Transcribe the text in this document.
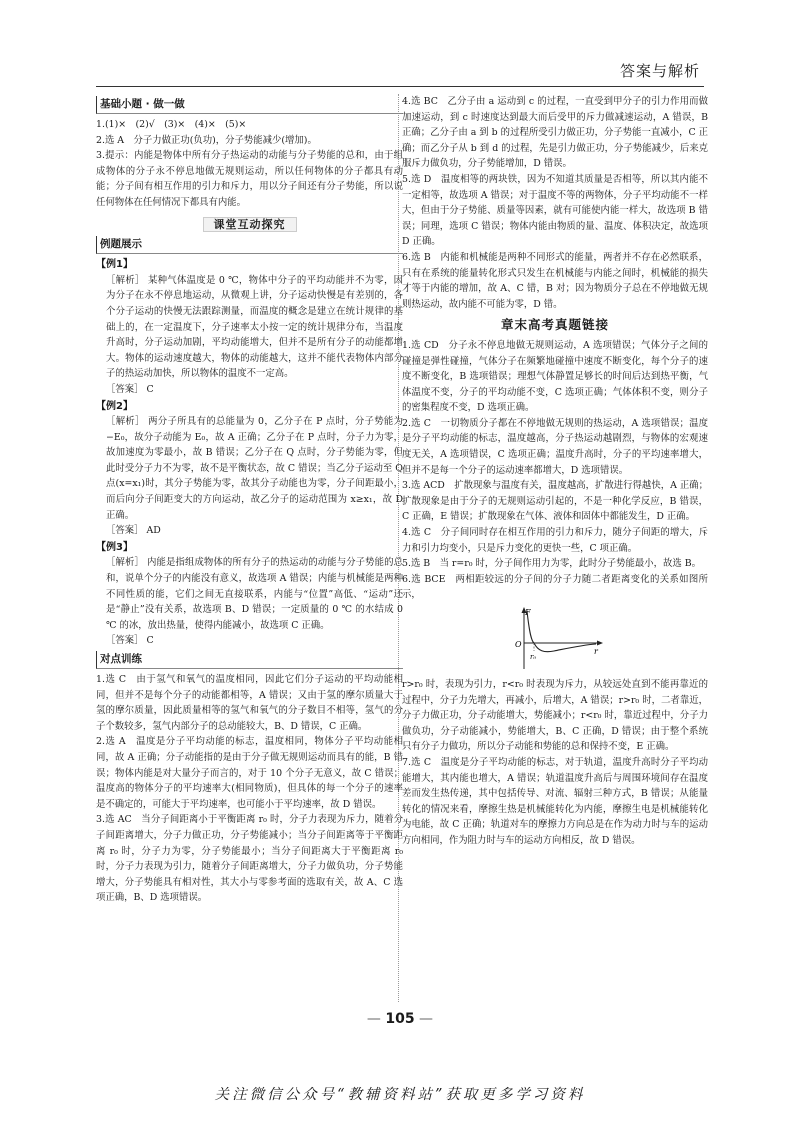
答案与解析
基础小题 · 做一做

1.(1)×　(2)√　(3)×　(4)×　(5)×

2.选 A　分子力做正功(负功)，分子势能减少(增加)。

3.提示：内能是物体中所有分子热运动的动能与分子势能的总和，由于组成物体的分子永不停息地做无规则运动，所以任何物体的分子都具有动能；分子间有相互作用的引力和斥力，用以分子间还有分子势能，所以说任何物体在任何情况下都具有内能。

课堂互动探究
例题展示
【例1】

［解析］ 某种气体温度是 0 ℃，物体中分子的平均动能并不为零，因为分子在永不停息地运动，从微观上讲，分子运动快慢是有差别的，各个分子运动的快慢无法跟踪测量，而温度的概念是建立在统计规律的基础上的，在一定温度下，分子速率太小按一定的统计规律分布，当温度升高时，分子运动加剧，平均动能增大，但并不是所有分子的动能都增大。物体的运动速度越大，物体的动能越大，这并不能代表物体内部分子的热运动加快，所以物体的温度不一定高。

［答案］ C

【例2】

［解析］ 两分子所具有的总能量为 0，乙分子在 P 点时，分子势能为 −E₀，故分子动能为 E₀，故 A 正确；乙分子在 P 点时，分子力为零，故加速度为零最小，故 B 错误；乙分子在 Q 点时，分子势能为零，但此时受分子力不为零，故不是平衡状态，故 C 错误；当乙分子运动至 Q 点(x=x₁)时，其分子势能为零，故其分子动能也为零，分子间距最小，而后向分子间距变大的方向运动，故乙分子的运动范围为 x≥x₁，故 D 正确。

［答案］ AD

【例3】

［解析］ 内能是指组成物体的所有分子的热运动的动能与分子势能的总和，说单个分子的内能没有意义，故选项 A 错误；内能与机械能是两种不同性质的能，它们之间无直接联系，内能与“位置”高低、“运动”还是“静止”没有关系，故选项 B、D 错误；一定质量的 0 ℃ 的水结成 0 ℃ 的冰，放出热量，使得内能减小，故选项 C 正确。

［答案］ C

对点训练

1.选 C　由于氢气和氧气的温度相同，因此它们分子运动的平均动能相同，但并不是每个分子的动能都相等，A 错误；又由于氢的摩尔质量大于氢的摩尔质量，因此质量相等的氢气和氧气的分子数目不相等，氢气的分子个数较多，氢气内部分子的总动能较大，B、D 错误，C 正确。

2.选 A　温度是分子平均动能的标志，温度相同，物体分子平均动能相同，故 A 正确；分子动能指的是由于分子做无规则运动而具有的能，B 错误；物体内能是对大量分子而言的，对于 10 个分子无意义，故 C 错误；温度高的物体分子的平均速率大(相同物质)，但具体的每一个分子的速率是不确定的，可能大于平均速率，也可能小于平均速率，故 D 错误。

3.选 AC　当分子间距离小于平衡距离 r₀ 时，分子力表现为斥力，随着分子间距离增大，分子力做正功，分子势能减小；当分子间距离等于平衡距离 r₀ 时，分子力为零，分子势能最小；当分子间距离大于平衡距离 r₀ 时，分子力表现为引力，随着分子间距离增大，分子力做负功，分子势能增大，分子势能具有相对性，其大小与零参考面的选取有关，故 A、C 选项正确，B、D 选项错误。

4.选 BC　乙分子由 a 运动到 c 的过程，一直受到甲分子的引力作用而做加速运动，到 c 时速度达到最大而后受甲的斥力做减速运动，A 错误，B 正确；乙分子由 a 到 b 的过程所受引力做正功，分子势能一直减小，C 正确；而乙分子从 b 到 d 的过程，先是引力做正功，分子势能减少，后来克服斥力做负功，分子势能增加，D 错误。

5.选 D　温度相等的两块铁，因为不知道其质量是否相等，所以其内能不一定相等，故选项 A 错误；对于温度不等的两物体，分子平均动能不一样大，但由于分子势能、质量等因素，就有可能使内能一样大，故选项 B 错误；同理，选项 C 错误；物体内能由物质的量、温度、体积决定，故选项 D 正确。

6.选 B　内能和机械能是两种不同形式的能量，两者并不存在必然联系，只有在系统的能量转化形式只发生在机械能与内能之间时，机械能的损失才等于内能的增加，故 A、C 错，B 对；因为物质分子总在不停地做无规则热运动，故内能不可能为零，D 错。

章末高考真题链接

1.选 CD　分子永不停息地做无规则运动，A 选项错误；气体分子之间的碰撞是弹性碰撞，气体分子在频繁地碰撞中速度不断变化，每个分子的速度不断变化，B 选项错误；理想气体静置足够长的时间后达到热平衡，气体温度不变，分子的平均动能不变，C 选项正确；气体体积不变，则分子的密集程度不变，D 选项正确。

2.选 C　一切物质分子都在不停地做无规则的热运动，A 选项错误；温度是分子平均动能的标志，温度越高，分子热运动越剧烈，与物体的宏观速度无关，A 选项错误，C 选项正确；温度升高时，分子的平均速率增大，但并不是每一个分子的运动速率都增大，D 选项错误。

3.选 ACD　扩散现象与温度有关，温度越高，扩散进行得越快，A 正确；扩散现象是由于分子的无规则运动引起的，不是一种化学反应，B 错误，C 正确，E 错误；扩散现象在气体、液体和固体中都能发生，D 正确。

4.选 C　分子间同时存在相互作用的引力和斥力，随分子间距的增大，斥力和引力均变小，只是斥力变化的更快一些，C 项正确。

5.选 B　当 r=r₀ 时，分子间作用力为零，此时分子势能最小，故选 B。

6.选 BCE　两相距较远的分子间的分子力随二者距离变化的关系如图所示，

F
O
r₀
r

r>r₀ 时，表现为引力，r<r₀ 时表现为斥力，从较远处直到不能再靠近的过程中，分子力先增大，再减小，后增大，A 错误；r>r₀ 时，二者靠近，分子力做正功，分子动能增大，势能减小；r<r₀ 时，靠近过程中，分子力做负功，分子动能减小，势能增大，B、C 正确，D 错误；由于整个系统只有分子力做功，所以分子动能和势能的总和保持不变，E 正确。

7.选 C　温度是分子平均动能的标志，对于轨道，温度升高时分子平均动能增大，其内能也增大，A 错误；轨道温度升高后与周围环境间存在温度差而发生热传递，其中包括传导、对流、辐射三种方式，B 错误；从能量转化的情况来看，摩擦生热是机械能转化为内能，摩擦生电是机械能转化为电能，故 C 正确；轨道对车的摩擦力方向总是在作为动力时与车的运动方向相同，作为阻力时与车的运动方向相反，故 D 错误。

— 105 —
关注微信公众号“教辅资料站”获取更多学习资料
